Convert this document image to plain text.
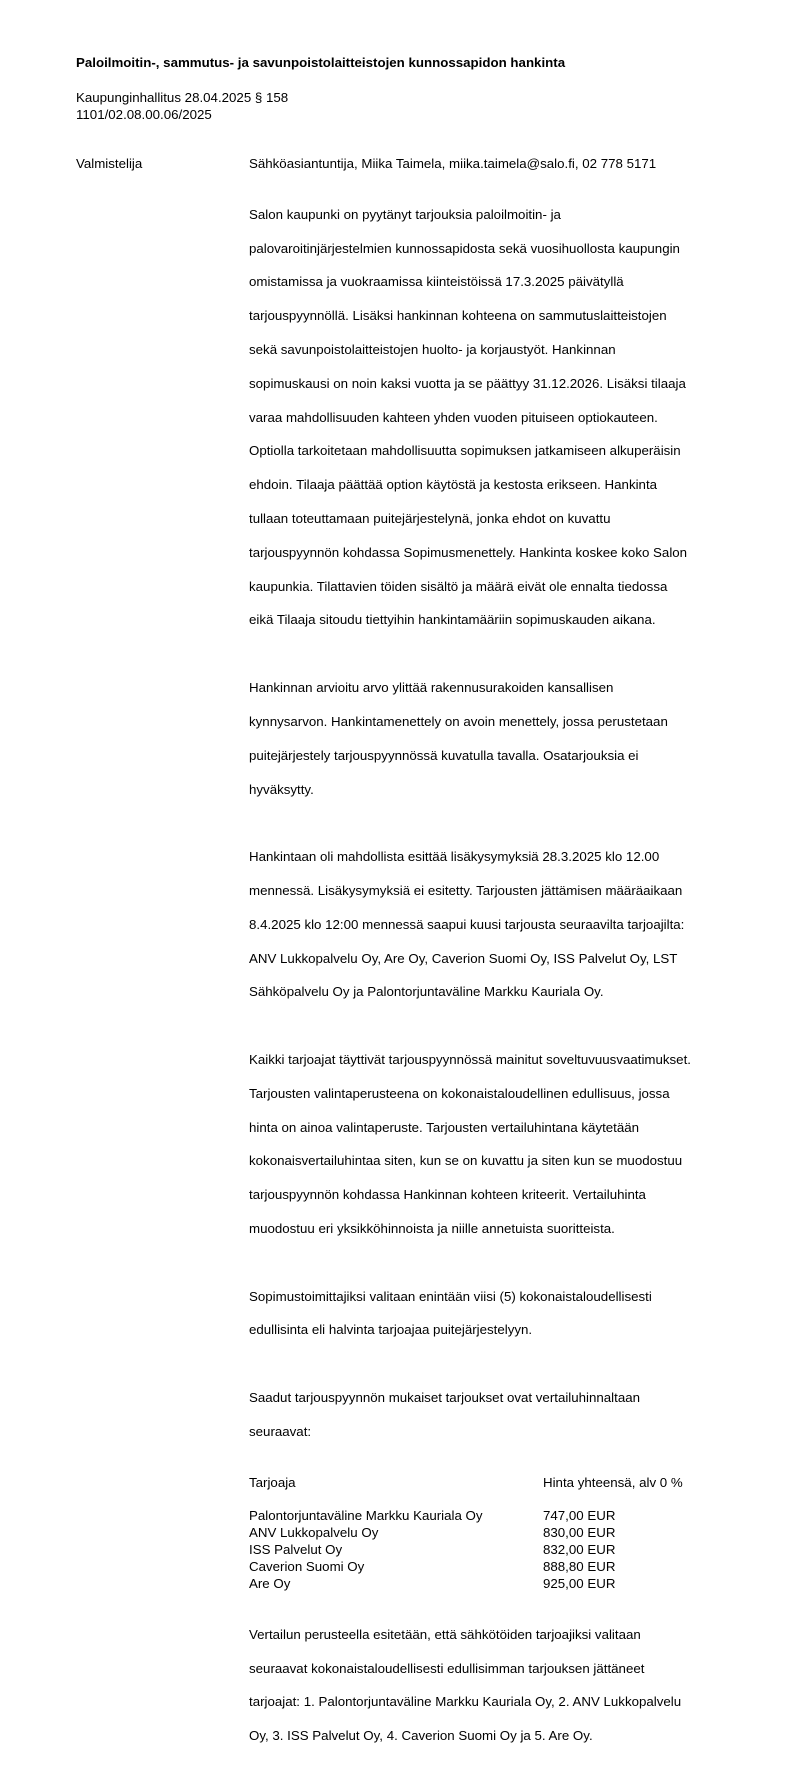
Paloilmoitin-, sammutus- ja savunpoistolaitteistojen kunnossapidon hankinta
Kaupunginhallitus 28.04.2025 § 158
1101/02.08.00.06/2025
Valmistelija	Sähköasiantuntija, Miika Taimela, miika.taimela@salo.fi, 02 778 5171

Salon kaupunki on pyytänyt tarjouksia paloilmoitin- ja

palovaroitinjärjestelmien kunnossapidosta sekä vuosihuollosta kaupungin

omistamissa ja vuokraamissa kiinteistöissä 17.3.2025 päivätyllä

tarjouspyynnöllä. Lisäksi hankinnan kohteena on sammutuslaitteistojen

sekä savunpoistolaitteistojen huolto- ja korjaustyöt. Hankinnan

sopimuskausi on noin kaksi vuotta ja se päättyy 31.12.2026. Lisäksi tilaaja

varaa mahdollisuuden kahteen yhden vuoden pituiseen optiokauteen.

Optiolla tarkoitetaan mahdollisuutta sopimuksen jatkamiseen alkuperäisin

ehdoin. Tilaaja päättää option käytöstä ja kestosta erikseen. Hankinta

tullaan toteuttamaan puitejärjestelynä, jonka ehdot on kuvattu

tarjouspyynnön kohdassa Sopimusmenettely. Hankinta koskee koko Salon

kaupunkia. Tilattavien töiden sisältö ja määrä eivät ole ennalta tiedossa

eikä Tilaaja sitoudu tiettyihin hankintamääriin sopimuskauden aikana.

Hankinnan arvioitu arvo ylittää rakennusurakoiden kansallisen

kynnysarvon. Hankintamenettely on avoin menettely, jossa perustetaan

puitejärjestely tarjouspyynnössä kuvatulla tavalla. Osatarjouksia ei

hyväksytty.

Hankintaan oli mahdollista esittää lisäkysymyksiä 28.3.2025 klo 12.00

mennessä. Lisäkysymyksiä ei esitetty. Tarjousten jättämisen määräaikaan

8.4.2025 klo 12:00 mennessä saapui kuusi tarjousta seuraavilta tarjoajilta:

ANV Lukkopalvelu Oy, Are Oy, Caverion Suomi Oy, ISS Palvelut Oy, LST

Sähköpalvelu Oy ja Palontorjuntaväline Markku Kauriala Oy.

Kaikki tarjoajat täyttivät tarjouspyynnössä mainitut soveltuvuusvaatimukset.

Tarjousten valintaperusteena on kokonaistaloudellinen edullisuus, jossa

hinta on ainoa valintaperuste. Tarjousten vertailuhintana käytetään

kokonaisvertailuhintaa siten, kun se on kuvattu ja siten kun se muodostuu

tarjouspyynnön kohdassa Hankinnan kohteen kriteerit. Vertailuhinta

muodostuu eri yksikköhinnoista ja niille annetuista suoritteista.

Sopimustoimittajiksi valitaan enintään viisi (5) kokonaistaloudellisesti

edullisinta eli halvinta tarjoajaa puitejärjestelyyn.

Saadut tarjouspyynnön mukaiset tarjoukset ovat vertailuhinnaltaan

seuraavat:

Tarjoaja	Hinta yhteensä, alv 0 %

Palontorjuntaväline Markku Kauriala Oy	747,00 EUR
ANV Lukkopalvelu Oy	830,00 EUR
ISS Palvelut Oy	832,00 EUR
Caverion Suomi Oy	888,80 EUR
Are Oy	925,00 EUR

Vertailun perusteella esitetään, että sähkötöiden tarjoajiksi valitaan

seuraavat kokonaistaloudellisesti edullisimman tarjouksen jättäneet

tarjoajat: 1. Palontorjuntaväline Markku Kauriala Oy, 2. ANV Lukkopalvelu

Oy, 3. ISS Palvelut Oy, 4. Caverion Suomi Oy ja 5. Are Oy.
